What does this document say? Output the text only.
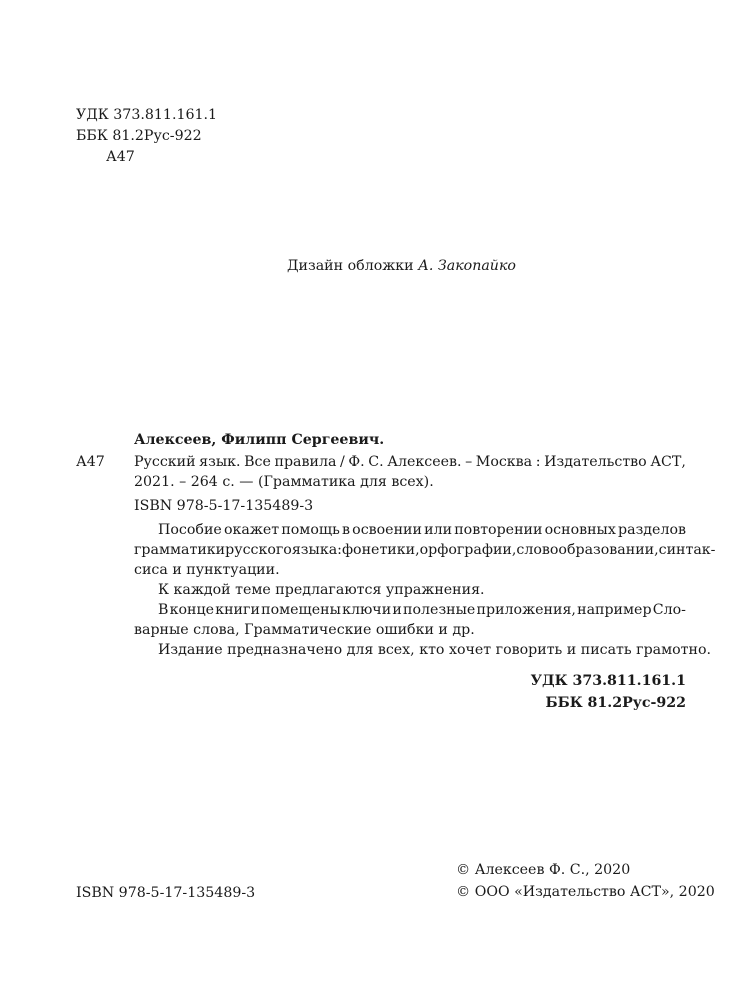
УДК 373.811.161.1
ББК 81.2Рус-922
А47
Дизайн обложки А. Закопайко
Алексеев, Филипп Сергеевич.
А47 Русский язык. Все правила / Ф. С. Алексеев. – Москва : Издательство АСТ,
2021. – 264 с. — (Грамматика для всех).
ISBN 978-5-17-135489-3
Пособие окажет помощь в освоении или повторении основных разделов
грамматики русского языка: фонетики, орфографии, словообразовании, синтак-
сиса и пунктуации.
К каждой теме предлагаются упражнения.
В конце книги помещены ключи и полезные приложения, например Сло-
варные слова, Грамматические ошибки и др.
Издание предназначено для всех, кто хочет говорить и писать грамотно.
УДК 373.811.161.1
ББК 81.2Рус-922
ISBN 978-5-17-135489-3
© Алексеев Ф. С., 2020
© ООО «Издательство АСТ», 2020
